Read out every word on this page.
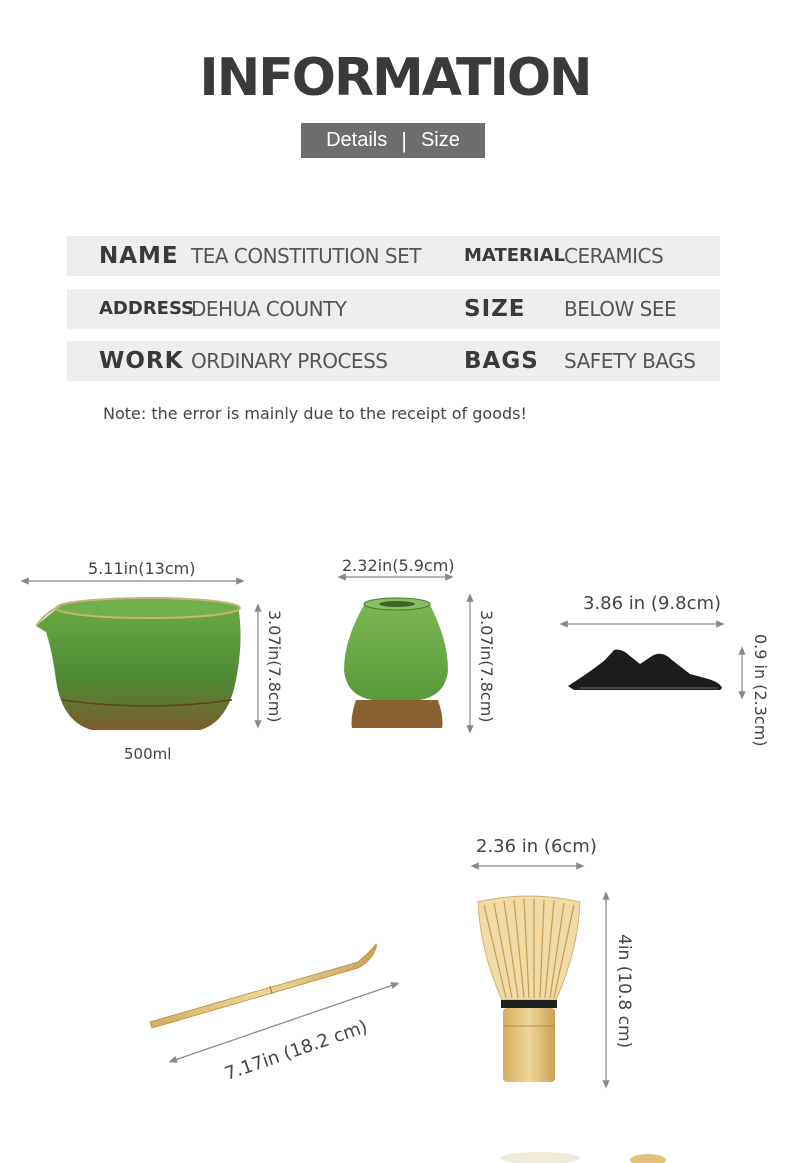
INFORMATION
Details | Size
NAME TEA CONSTITUTION SET MATERIAL CERAMICS
ADDRESS
DEHUA COUNTY	SIZE BELOW SEE
WORK ORDINARY PROCESS	BAGS SAFETY BAGS
Note: the error is mainly due to the receipt of goods!
5.11in(13cm)
3.07in(7.8cm)
500ml
2.32in(5.9cm)
3.07in(7.8cm)
3.86 in (9.8cm)
0.9 in (2.3cm)
7.17in (18.2 cm)
2.36 in (6cm)
4in (10.8 cm)
